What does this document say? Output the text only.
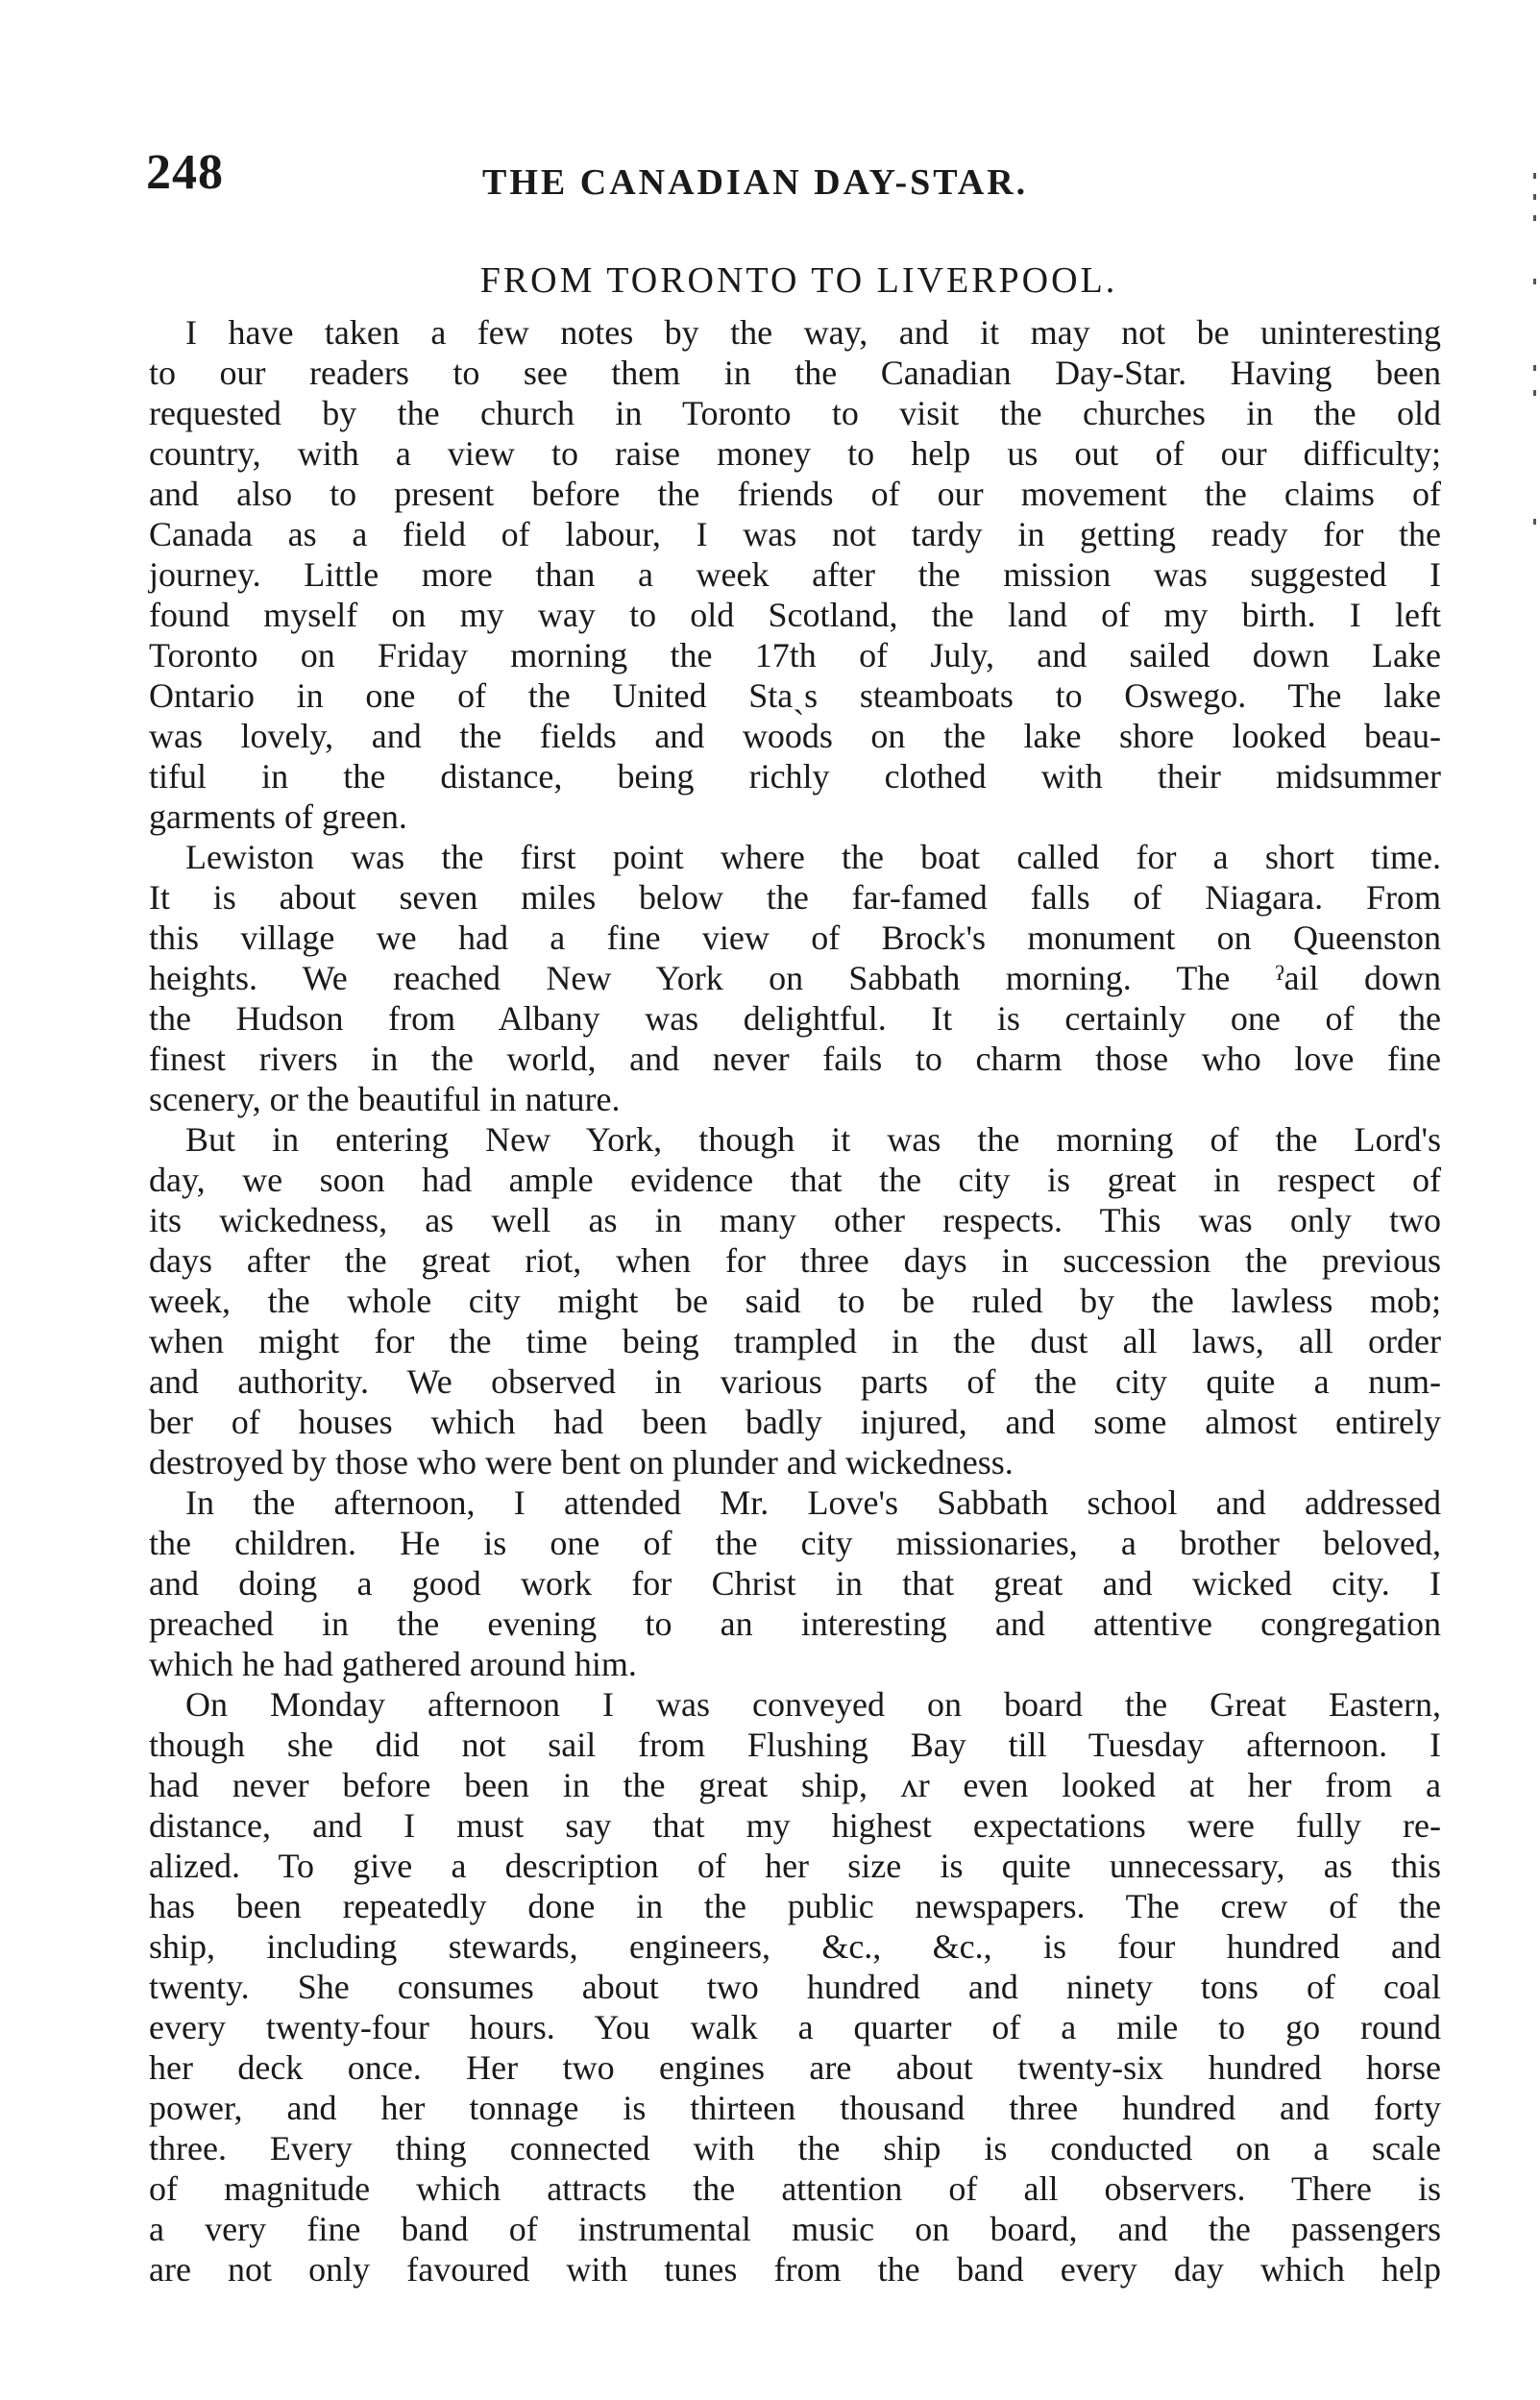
248	THE CANADIAN DAY-STAR.
FROM TORONTO TO LIVERPOOL.
I have taken a few notes by the way, and it may not be uninteresting
to our readers to see them in the Canadian Day-Star. Having been
requested by the church in Toronto to visit the churches in the old
country, with a view to raise money to help us out of our difficulty;
and also to present before the friends of our movement the claims of
Canada as a field of labour, I was not tardy in getting ready for the
journey. Little more than a week after the mission was suggested I
found myself on my way to old Scotland, the land of my birth. I left
Toronto on Friday morning the 17th of July, and sailed down Lake
Ontario in one of the United Staˎs steamboats to Oswego. The lake
was lovely, and the fields and woods on the lake shore looked beau-
tiful in the distance, being richly clothed with their midsummer
garments of green.
Lewiston was the first point where the boat called for a short time.
It is about seven miles below the far-famed falls of Niagara. From
this village we had a fine view of Brock's monument on Queenston
heights. We reached New York on Sabbath morning. The ˀail down
the Hudson from Albany was delightful. It is certainly one of the
finest rivers in the world, and never fails to charm those who love fine
scenery, or the beautiful in nature.
But in entering New York, though it was the morning of the Lord's
day, we soon had ample evidence that the city is great in respect of
its wickedness, as well as in many other respects. This was only two
days after the great riot, when for three days in succession the previous
week, the whole city might be said to be ruled by the lawless mob;
when might for the time being trampled in the dust all laws, all order
and authority. We observed in various parts of the city quite a num-
ber of houses which had been badly injured, and some almost entirely
destroyed by those who were bent on plunder and wickedness.
In the afternoon, I attended Mr. Love's Sabbath school and addressed
the children. He is one of the city missionaries, a brother beloved,
and doing a good work for Christ in that great and wicked city. I
preached in the evening to an interesting and attentive congregation
which he had gathered around him.
On Monday afternoon I was conveyed on board the Great Eastern,
though she did not sail from Flushing Bay till Tuesday afternoon. I
had never before been in the great ship, ʌr even looked at her from a
distance, and I must say that my highest expectations were fully re-
alized. To give a description of her size is quite unnecessary, as this
has been repeatedly done in the public newspapers. The crew of the
ship, including stewards, engineers, &c., &c., is four hundred and
twenty. She consumes about two hundred and ninety tons of coal
every twenty-four hours. You walk a quarter of a mile to go round
her deck once. Her two engines are about twenty-six hundred horse
power, and her tonnage is thirteen thousand three hundred and forty
three. Every thing connected with the ship is conducted on a scale
of magnitude which attracts the attention of all observers. There is
a very fine band of instrumental music on board, and the passengers
are not only favoured with tunes from the band every day which help
